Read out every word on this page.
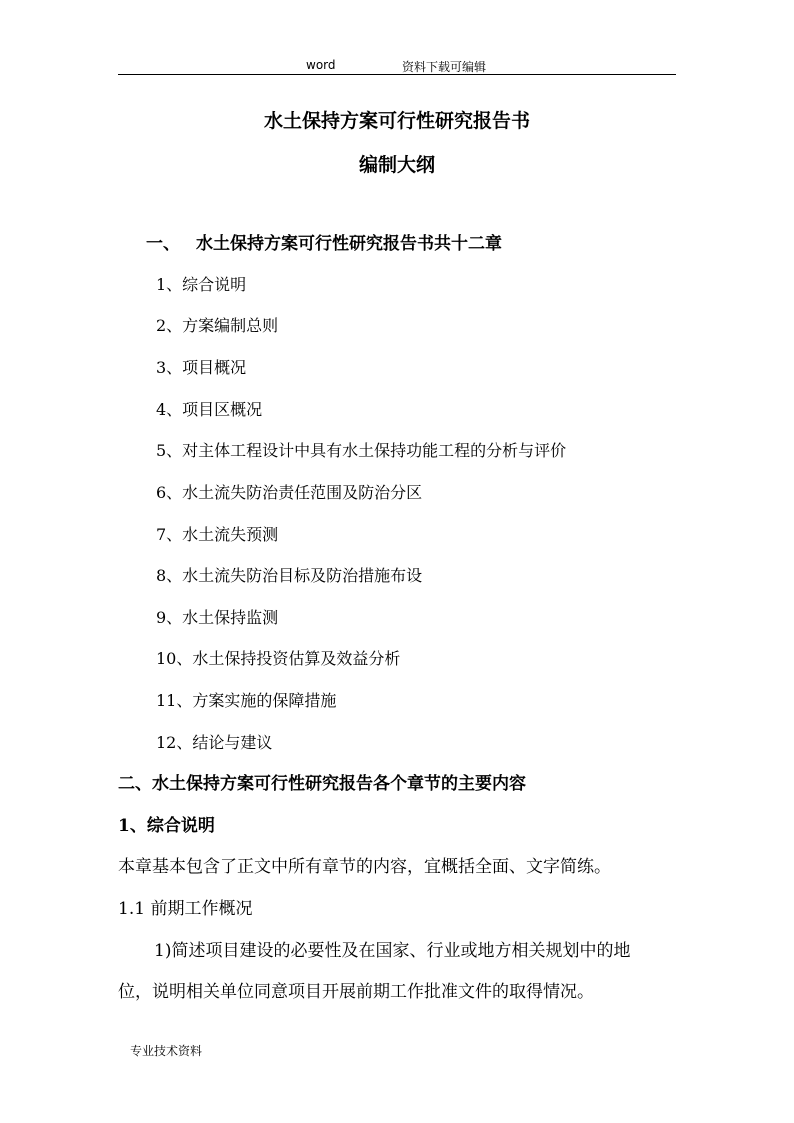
word	资料下载可编辑
水土保持方案可行性研究报告书
编制大纲
一、 水土保持方案可行性研究报告书共十二章
1、综合说明
2、方案编制总则
3、项目概况
4、项目区概况
5、对主体工程设计中具有水土保持功能工程的分析与评价
6、水土流失防治责任范围及防治分区
7、水土流失预测
8、水土流失防治目标及防治措施布设
9、水土保持监测
10、水土保持投资估算及效益分析
11、方案实施的保障措施
12、结论与建议
二、水土保持方案可行性研究报告各个章节的主要内容
1、综合说明
本章基本包含了正文中所有章节的内容，宜概括全面、文字简练。
1.1 前期工作概况
1)简述项目建设的必要性及在国家、行业或地方相关规划中的地
位，说明相关单位同意项目开展前期工作批准文件的取得情况。
专业技术资料
